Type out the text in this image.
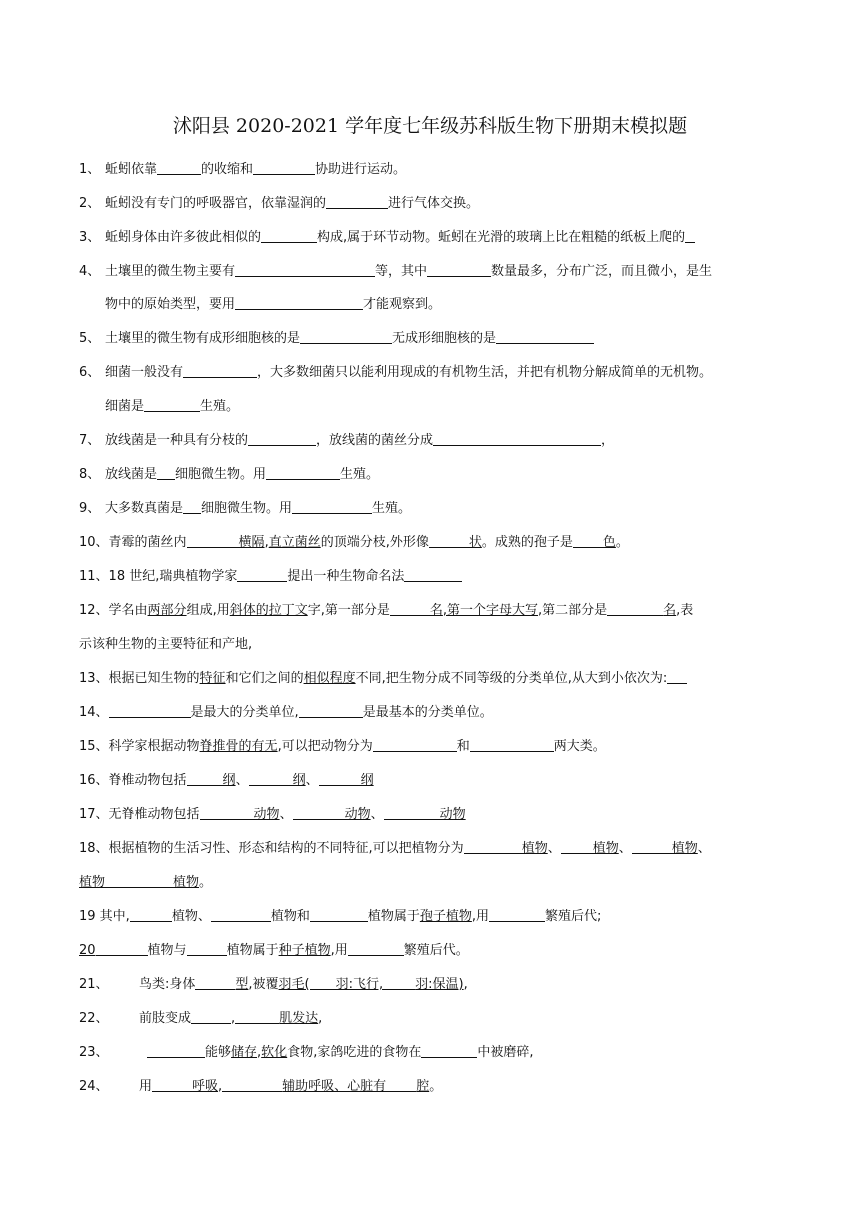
沭阳县 2020-2021 学年度七年级苏科版生物下册期末模拟题
1、 蚯蚓依靠	的收缩和	协助进行运动。
2、 蚯蚓没有专门的呼吸器官，依靠湿润的	进行气体交换。
3、 蚯蚓身体由许多彼此相似的	构成,属于环节动物。蚯蚓在光滑的玻璃上比在粗糙的纸板上爬的
4、 土壤里的微生物主要有	等，其中	数量最多，分布广泛，而且微小，是生
物中的原始类型，要用	才能观察到。
5、 土壤里的微生物有成形细胞核的是	无成形细胞核的是
6、 细菌一般没有	，大多数细菌只以能利用现成的有机物生活，并把有机物分解成简单的无机物。
细菌是	生殖。
7、 放线菌是一种具有分枝的	，放线菌的菌丝分成	，
8、 放线菌是 细胞微生物。用	生殖。
9、 大多数真菌是 细胞微生物。用	生殖。
10、青霉的菌丝内	横隔,直立菌丝的顶端分枝,外形像	状。成熟的孢子是 色。
11、18 世纪,瑞典植物学家	提出一种生物命名法
12、学名由两部分组成,用斜体的拉丁文字,第一部分是	名,第一个字母大写,第二部分是	名,表
示该种生物的主要特征和产地,
13、根据已知生物的特征和它们之间的相似程度不同,把生物分成不同等级的分类单位,从大到小依次为:
14、	是最大的分类单位,	是最基本的分类单位。
15、科学家根据动物脊推骨的有无,可以把动物分为	和	两大类。
16、脊椎动物包括	纲、	纲、	纲
17、无脊椎动物包括	动物、	动物、	动物
18、根据植物的生活习性、形态和结构的不同特征,可以把植物分为	植物、 植物、	植物、
植物	植物。
19 其中,	植物、	植物和	植物属于孢子植物,用	繁殖后代;
20	植物与	植物属于种子植物,用	繁殖后代。
21、 鸟类:身体	型,被覆羽毛( 羽:飞行, 羽:保温),
22、 前肢变成	,	肌发达,
23、	能够储存,软化食物,家鸽吃进的食物在	中被磨碎,
24、 用	呼吸,	辅助呼吸、心脏有 腔。
